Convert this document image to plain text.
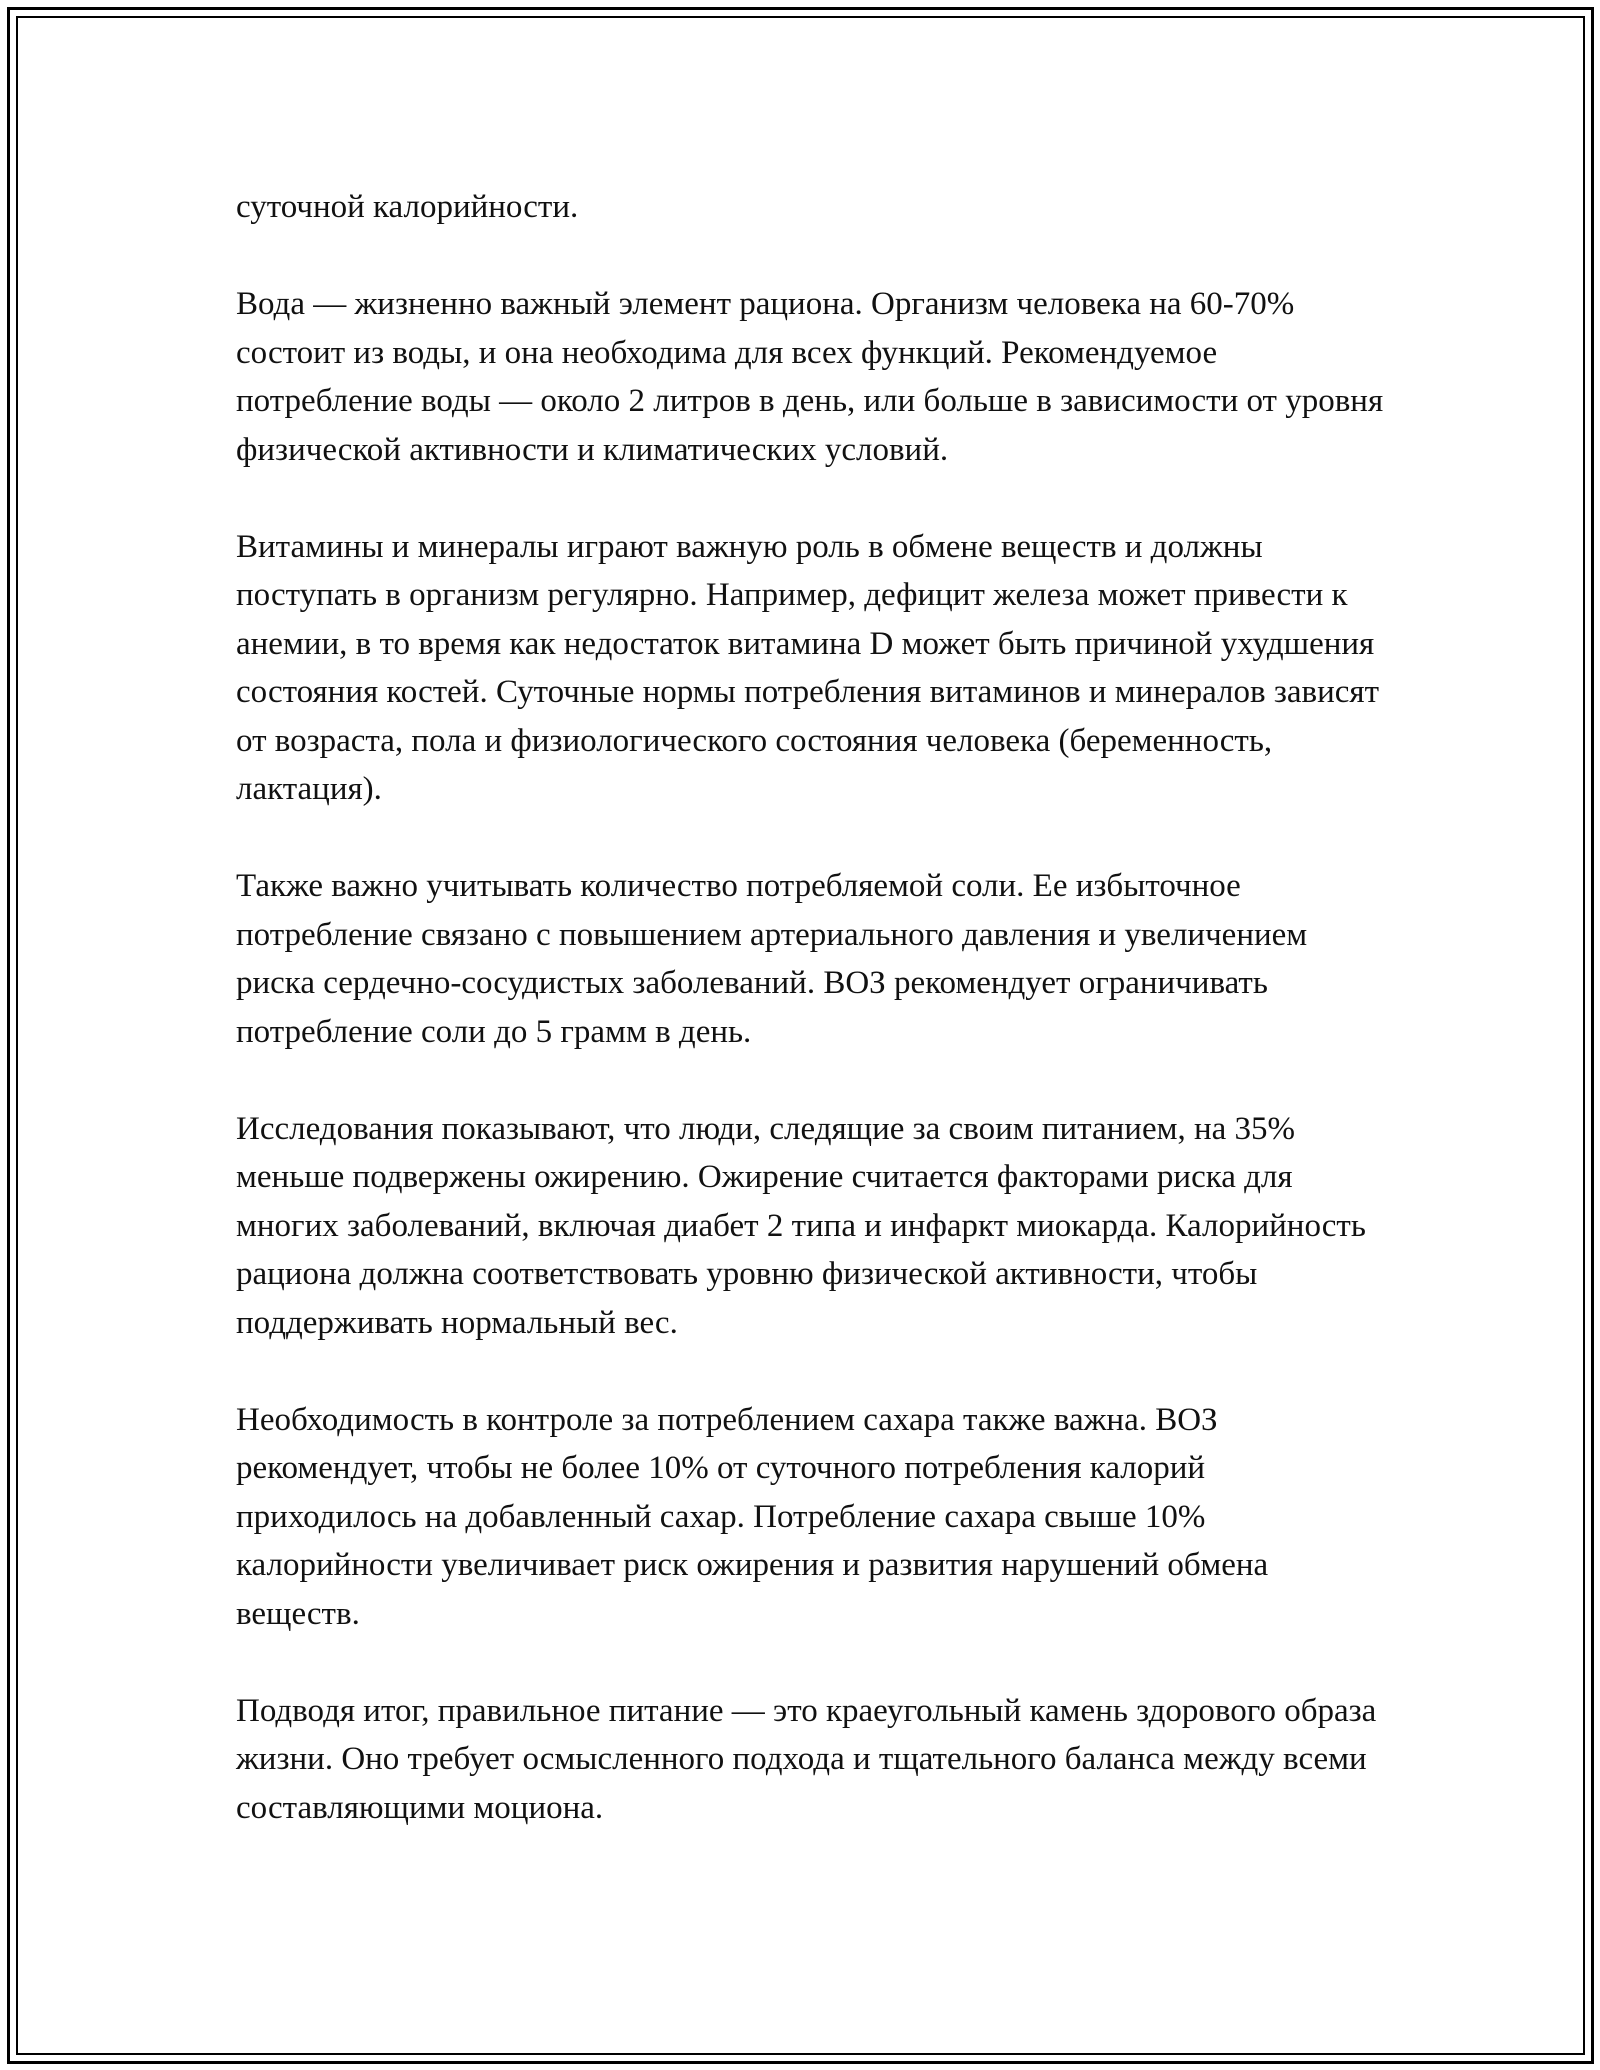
суточной калорийности.

Вода — жизненно важный элемент рациона. Организм человека на 60-70% состоит из воды, и она необходима для всех функций. Рекомендуемое потребление воды — около 2 литров в день, или больше в зависимости от уровня физической активности и климатических условий.

Витамины и минералы играют важную роль в обмене веществ и должны поступать в организм регулярно. Например, дефицит железа может привести к анемии, в то время как недостаток витамина D может быть причиной ухудшения состояния костей. Суточные нормы потребления витаминов и минералов зависят от возраста, пола и физиологического состояния человека (беременность, лактация).

Также важно учитывать количество потребляемой соли. Ее избыточное потребление связано с повышением артериального давления и увеличением риска сердечно-сосудистых заболеваний. ВОЗ рекомендует ограничивать потребление соли до 5 грамм в день.

Исследования показывают, что люди, следящие за своим питанием, на 35% меньше подвержены ожирению. Ожирение считается факторами риска для многих заболеваний, включая диабет 2 типа и инфаркт миокарда. Калорийность рациона должна соответствовать уровню физической активности, чтобы поддерживать нормальный вес.

Необходимость в контроле за потреблением сахара также важна. ВОЗ рекомендует, чтобы не более 10% от суточного потребления калорий приходилось на добавленный сахар. Потребление сахара свыше 10% калорийности увеличивает риск ожирения и развития нарушений обмена веществ.

Подводя итог, правильное питание — это краеугольный камень здорового образа жизни. Оно требует осмысленного подхода и тщательного баланса между всеми составляющими моциона.
